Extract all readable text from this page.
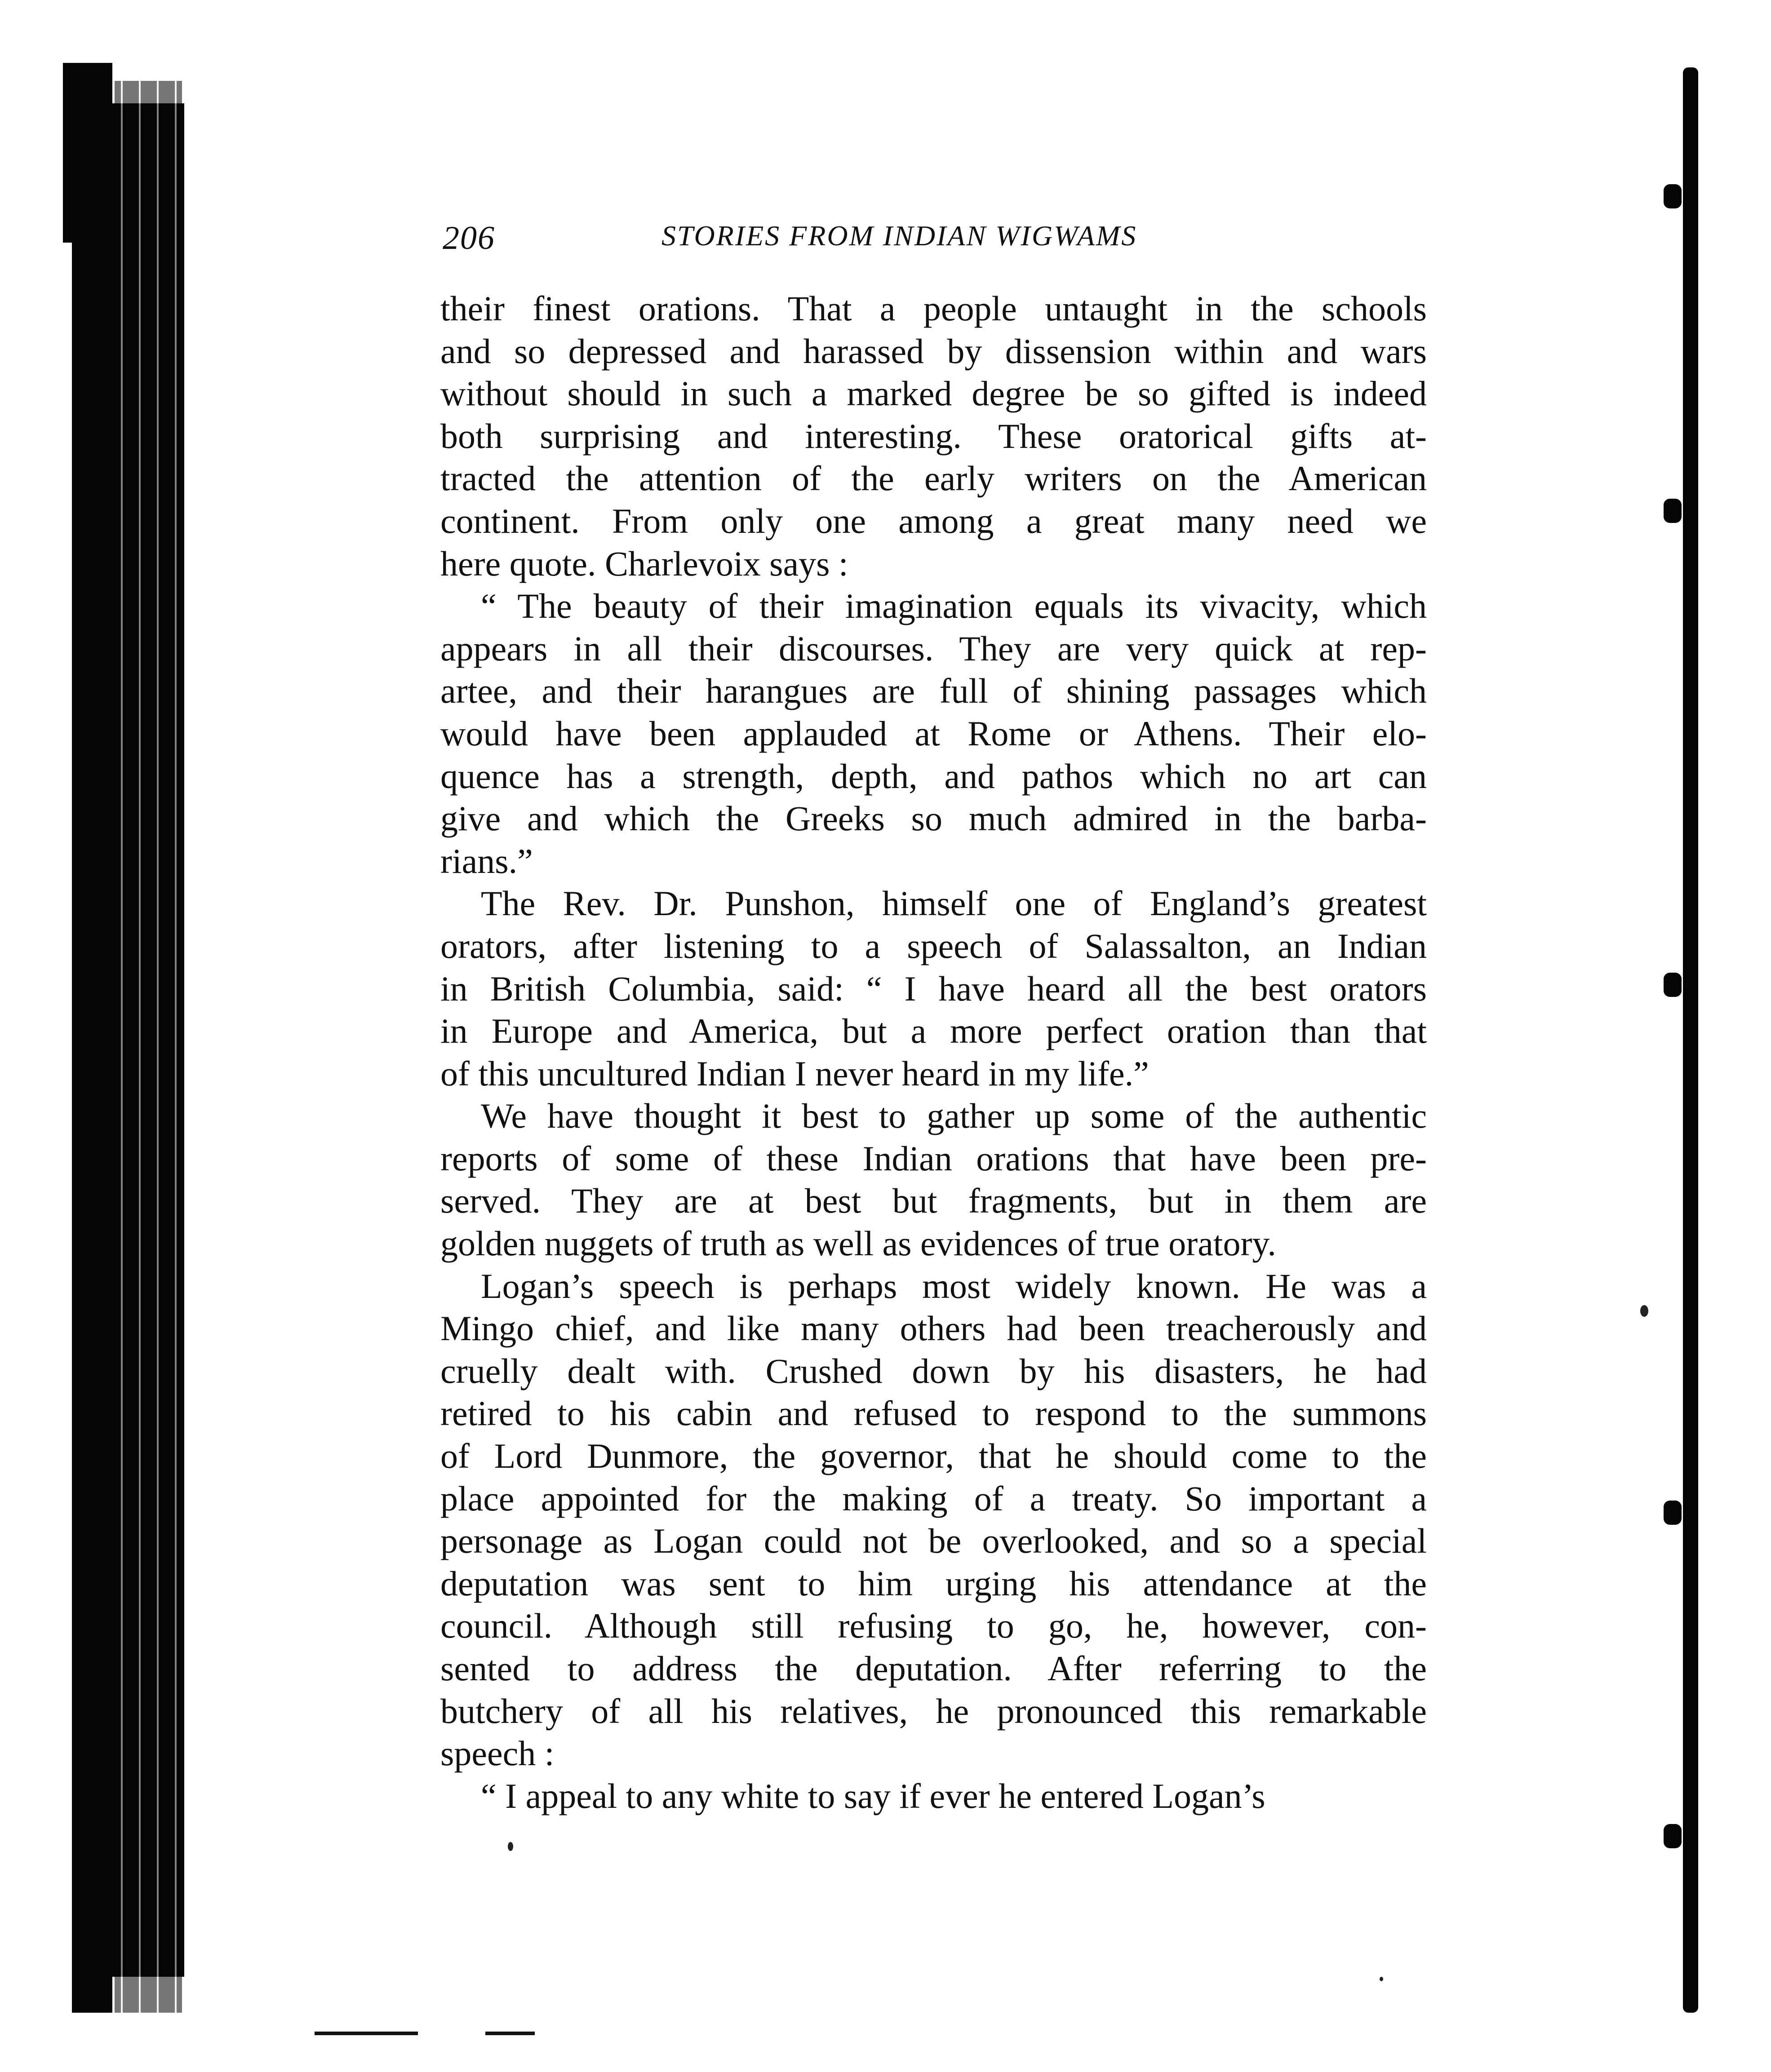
206	STORIES FROM INDIAN WIGWAMS
their finest orations. That a people untaught in the schools
and so depressed and harassed by dissension within and wars
without should in such a marked degree be so gifted is indeed
both surprising and interesting. These oratorical gifts at-
tracted the attention of the early writers on the American
continent. From only one among a great many need we
here quote. Charlevoix says :
“ The beauty of their imagination equals its vivacity, which
appears in all their discourses. They are very quick at rep-
artee, and their harangues are full of shining passages which
would have been applauded at Rome or Athens. Their elo-
quence has a strength, depth, and pathos which no art can
give and which the Greeks so much admired in the barba-
rians.”
The Rev. Dr. Punshon, himself one of England’s greatest
orators, after listening to a speech of Salassalton, an Indian
in British Columbia, said: “ I have heard all the best orators
in Europe and America, but a more perfect oration than that
of this uncultured Indian I never heard in my life.”
We have thought it best to gather up some of the authentic
reports of some of these Indian orations that have been pre-
served. They are at best but fragments, but in them are
golden nuggets of truth as well as evidences of true oratory.
Logan’s speech is perhaps most widely known. He was a
Mingo chief, and like many others had been treacherously and
cruelly dealt with. Crushed down by his disasters, he had
retired to his cabin and refused to respond to the summons
of Lord Dunmore, the governor, that he should come to the
place appointed for the making of a treaty. So important a
personage as Logan could not be overlooked, and so a special
deputation was sent to him urging his attendance at the
council. Although still refusing to go, he, however, con-
sented to address the deputation. After referring to the
butchery of all his relatives, he pronounced this remarkable
speech :
“ I appeal to any white to say if ever he entered Logan’s
